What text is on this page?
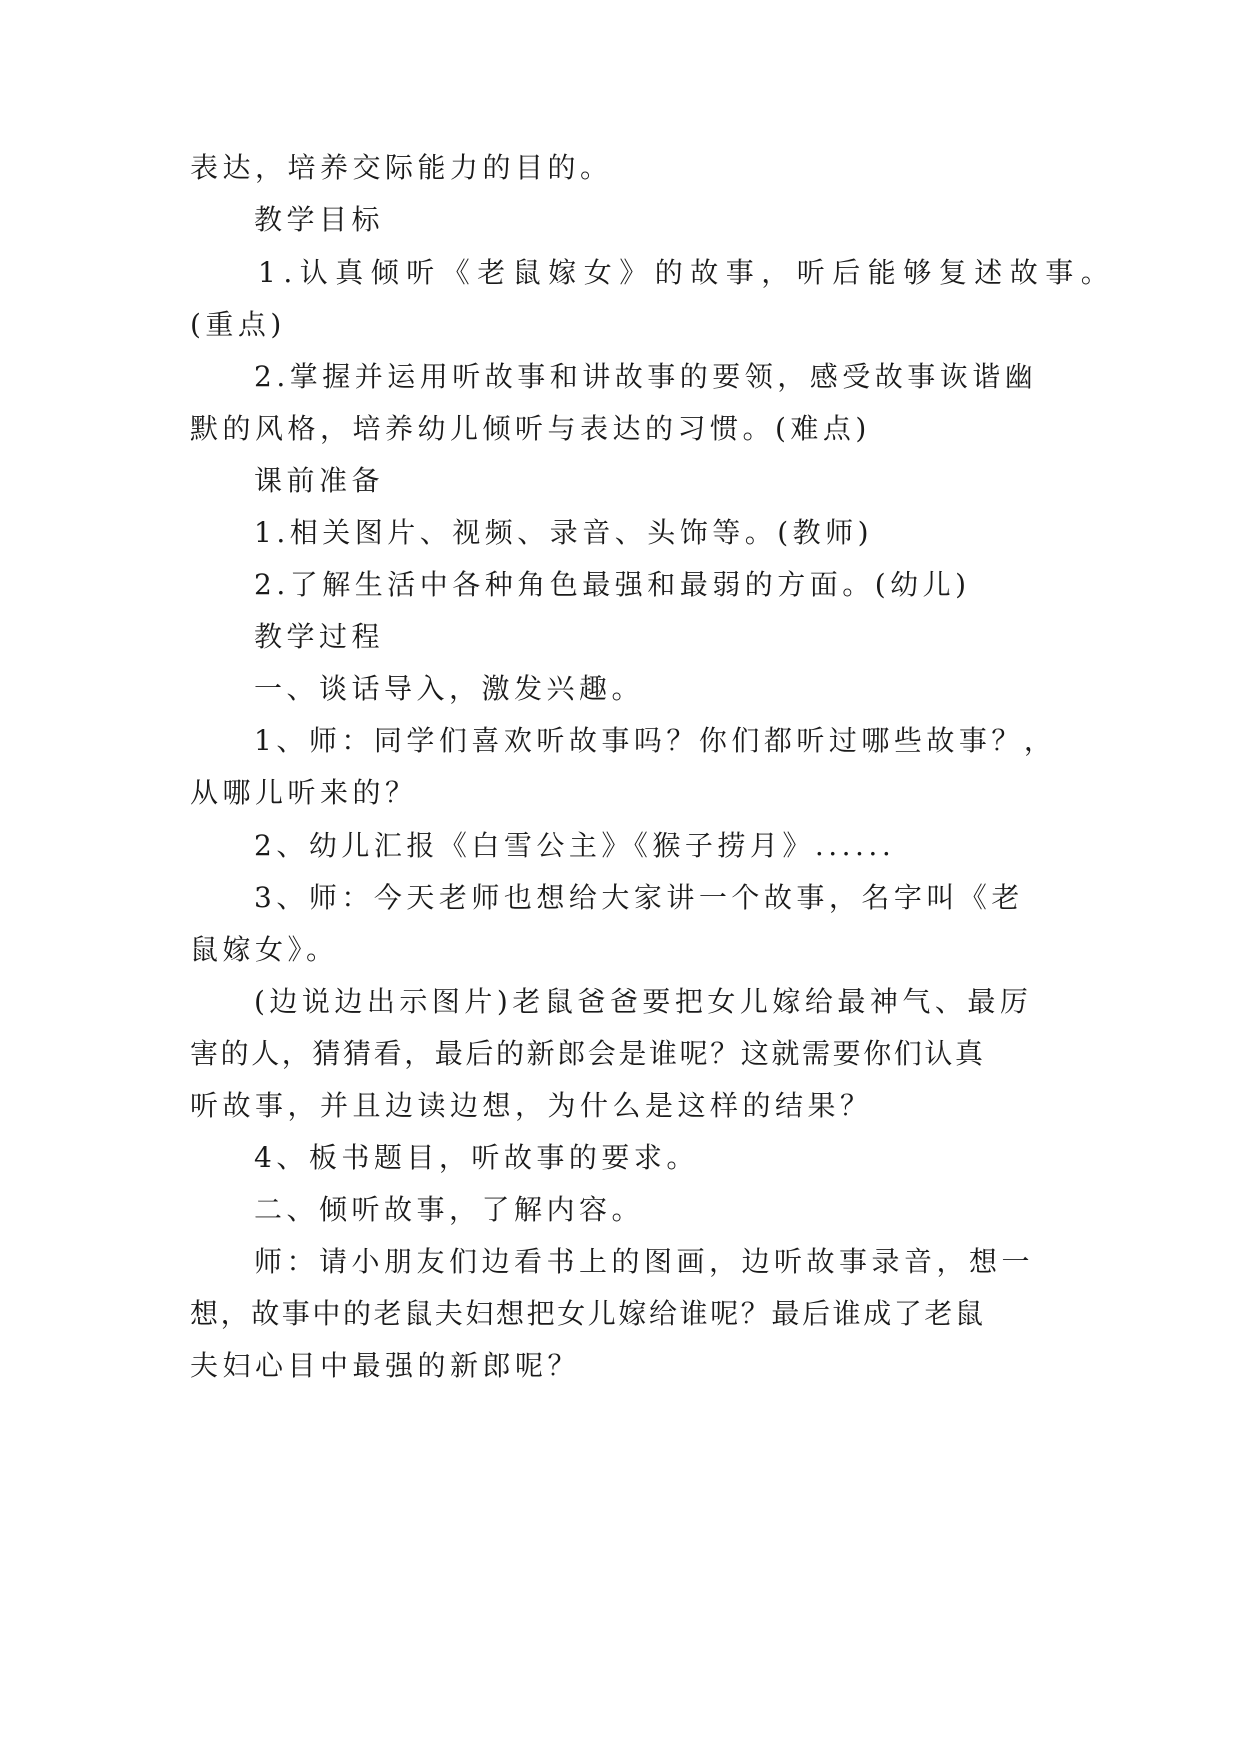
表达，培养交际能力的目的。
教学目标
1.认真倾听《老鼠嫁女》的故事，听后能够复述故事。
(重点)
2.掌握并运用听故事和讲故事的要领，感受故事诙谐幽
默的风格，培养幼儿倾听与表达的习惯。(难点)
课前准备
1.相关图片、视频、录音、头饰等。(教师)
2.了解生活中各种角色最强和最弱的方面。(幼儿)
教学过程
一、谈话导入，激发兴趣。
1、师：同学们喜欢听故事吗？你们都听过哪些故事？，
从哪儿听来的？
2、幼儿汇报《白雪公主》《猴子捞月》......
3、师：今天老师也想给大家讲一个故事，名字叫《老
鼠嫁女》。
(边说边出示图片)老鼠爸爸要把女儿嫁给最神气、最厉
害的人，猜猜看，最后的新郎会是谁呢？这就需要你们认真
听故事，并且边读边想，为什么是这样的结果？
4、板书题目，听故事的要求。
二、倾听故事，了解内容。
师：请小朋友们边看书上的图画，边听故事录音，想一
想，故事中的老鼠夫妇想把女儿嫁给谁呢？最后谁成了老鼠
夫妇心目中最强的新郎呢？
